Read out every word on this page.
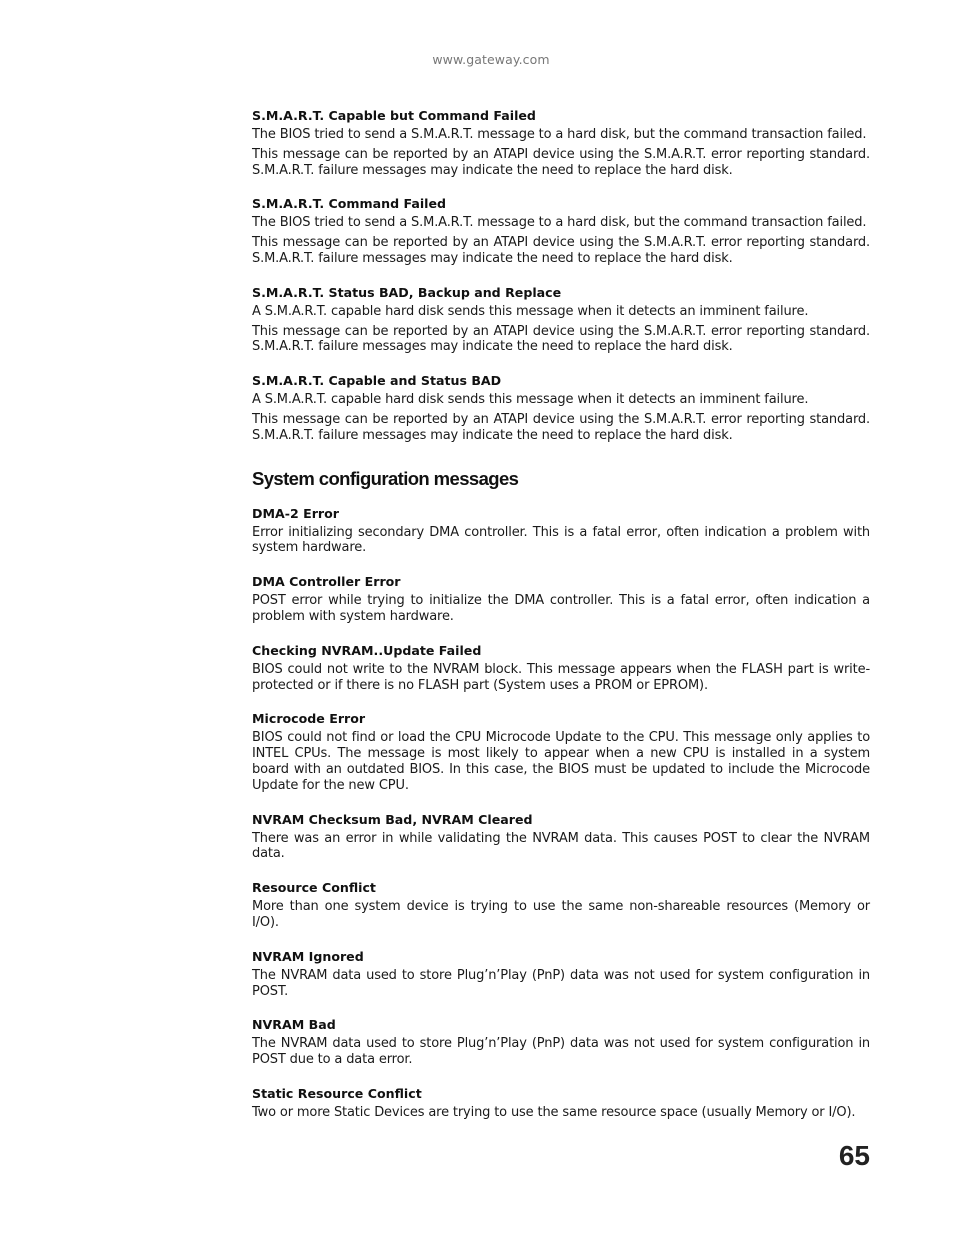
www.gateway.com
S.M.A.R.T. Capable but Command Failed

The BIOS tried to send a S.M.A.R.T. message to a hard disk, but the command transaction failed.

This message can be reported by an ATAPI device using the S.M.A.R.T. error reporting standard. S.M.A.R.T. failure messages may indicate the need to replace the hard disk.

S.M.A.R.T. Command Failed

The BIOS tried to send a S.M.A.R.T. message to a hard disk, but the command transaction failed.

This message can be reported by an ATAPI device using the S.M.A.R.T. error reporting standard. S.M.A.R.T. failure messages may indicate the need to replace the hard disk.

S.M.A.R.T. Status BAD, Backup and Replace

A S.M.A.R.T. capable hard disk sends this message when it detects an imminent failure.

This message can be reported by an ATAPI device using the S.M.A.R.T. error reporting standard. S.M.A.R.T. failure messages may indicate the need to replace the hard disk.

S.M.A.R.T. Capable and Status BAD

A S.M.A.R.T. capable hard disk sends this message when it detects an imminent failure.

This message can be reported by an ATAPI device using the S.M.A.R.T. error reporting standard. S.M.A.R.T. failure messages may indicate the need to replace the hard disk.

System configuration messages
DMA-2 Error

Error initializing secondary DMA controller. This is a fatal error, often indication a problem with system hardware.

DMA Controller Error

POST error while trying to initialize the DMA controller. This is a fatal error, often indication a problem with system hardware.

Checking NVRAM..Update Failed

BIOS could not write to the NVRAM block. This message appears when the FLASH part is write-protected or if there is no FLASH part (System uses a PROM or EPROM).

Microcode Error

BIOS could not find or load the CPU Microcode Update to the CPU. This message only applies to INTEL CPUs. The message is most likely to appear when a new CPU is installed in a system board with an outdated BIOS. In this case, the BIOS must be updated to include the Microcode Update for the new CPU.

NVRAM Checksum Bad, NVRAM Cleared

There was an error in while validating the NVRAM data. This causes POST to clear the NVRAM data.

Resource Conflict

More than one system device is trying to use the same non-shareable resources (Memory or I/O).

NVRAM Ignored

The NVRAM data used to store Plug’n’Play (PnP) data was not used for system configuration in POST.

NVRAM Bad

The NVRAM data used to store Plug’n’Play (PnP) data was not used for system configuration in POST due to a data error.

Static Resource Conflict

Two or more Static Devices are trying to use the same resource space (usually Memory or I/O).

65
